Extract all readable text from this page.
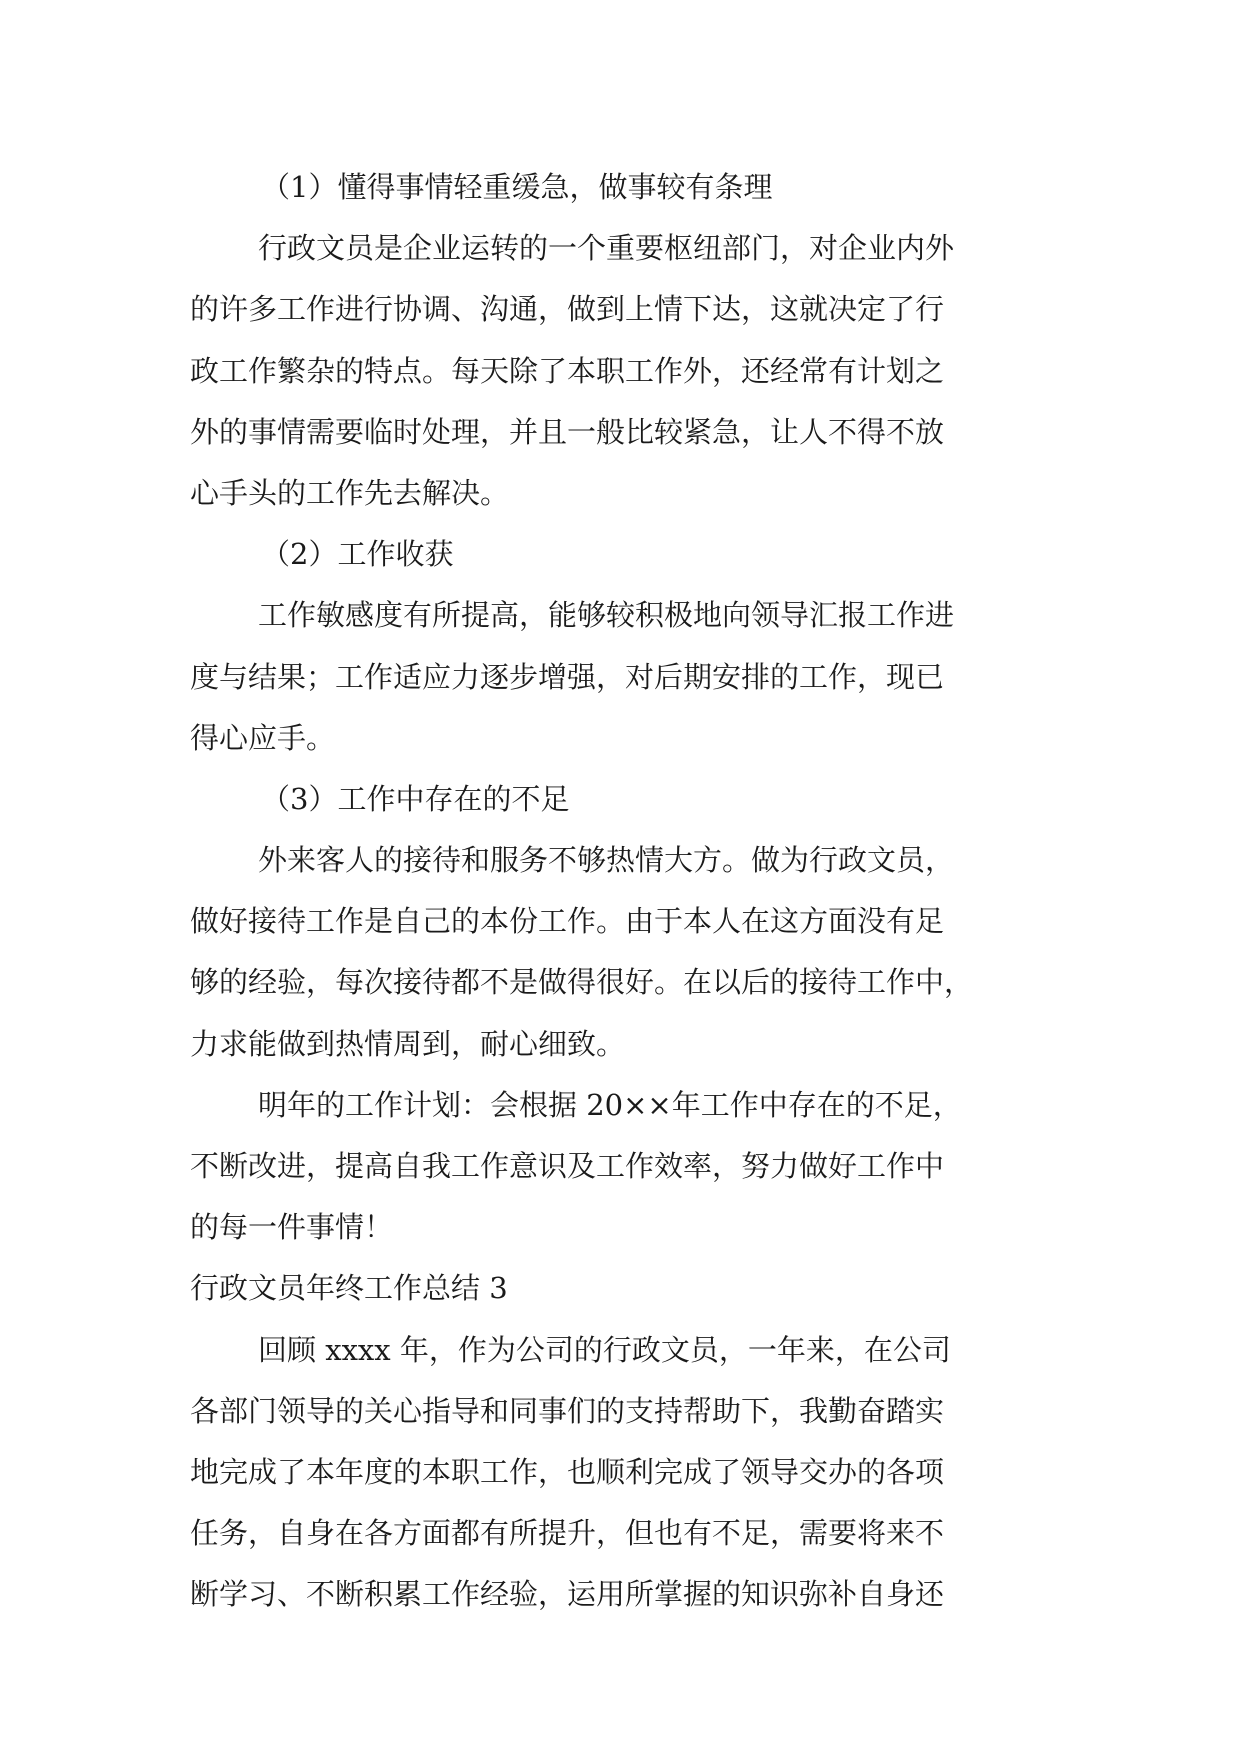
（1）懂得事情轻重缓急，做事较有条理
行政文员是企业运转的一个重要枢纽部门，对企业内外
的许多工作进行协调、沟通，做到上情下达，这就决定了行
政工作繁杂的特点。每天除了本职工作外，还经常有计划之
外的事情需要临时处理，并且一般比较紧急，让人不得不放
心手头的工作先去解决。
（2）工作收获
工作敏感度有所提高，能够较积极地向领导汇报工作进
度与结果；工作适应力逐步增强，对后期安排的工作，现已
得心应手。
（3）工作中存在的不足
外来客人的接待和服务不够热情大方。做为行政文员，
做好接待工作是自己的本份工作。由于本人在这方面没有足
够的经验，每次接待都不是做得很好。在以后的接待工作中，
力求能做到热情周到，耐心细致。
明年的工作计划：会根据 20××年工作中存在的不足，
不断改进，提高自我工作意识及工作效率，努力做好工作中
的每一件事情！
行政文员年终工作总结 3
回顾 xxxx 年，作为公司的行政文员，一年来，在公司
各部门领导的关心指导和同事们的支持帮助下，我勤奋踏实
地完成了本年度的本职工作，也顺利完成了领导交办的各项
任务，自身在各方面都有所提升，但也有不足，需要将来不
断学习、不断积累工作经验，运用所掌握的知识弥补自身还
